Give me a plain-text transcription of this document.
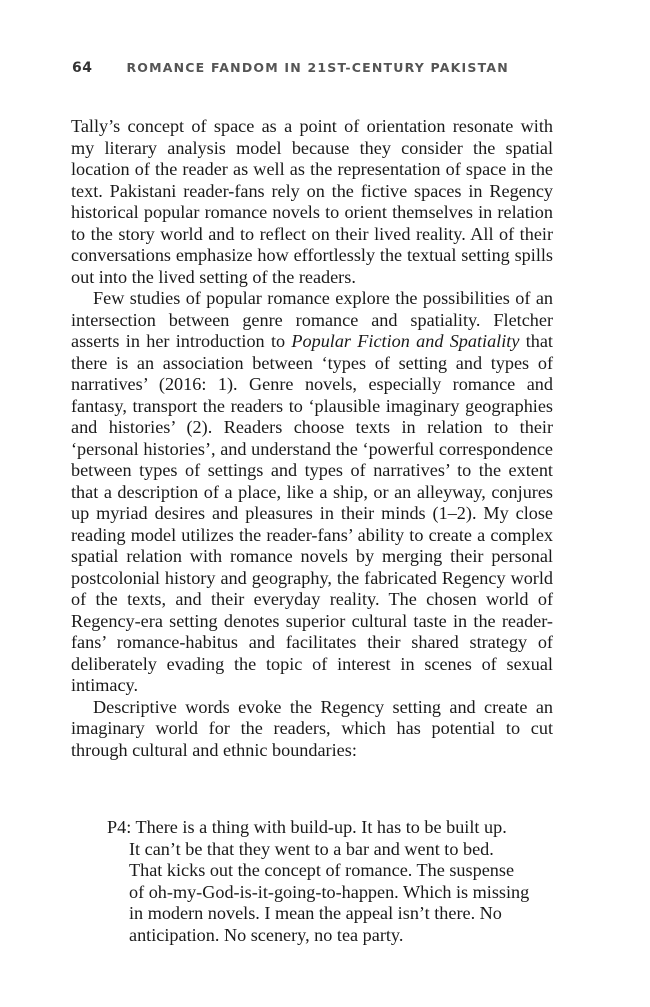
64	ROMANCE FANDOM IN 21ST-CENTURY PAKISTAN

Tally’s concept of space as a point of orientation resonate with my literary analysis model because they consider the spatial location of the reader as well as the representation of space in the text. Pakistani reader-fans rely on the fictive spaces in Regency historical popular romance novels to orient themselves in relation to the story world and to reflect on their lived reality. All of their conversations emphasize how effortlessly the textual setting spills out into the lived setting of the readers.

Few studies of popular romance explore the possibilities of an intersection between genre romance and spatiality. Fletcher asserts in her introduction to Popular Fiction and Spatiality that there is an association between ‘types of setting and types of narratives’ (2016: 1). Genre novels, especially romance and fantasy, transport the readers to ‘plausible imaginary geographies and histories’ (2). Readers choose texts in relation to their ‘personal histories’, and understand the ‘powerful correspondence between types of settings and types of narratives’ to the extent that a description of a place, like a ship, or an alleyway, conjures up myriad desires and pleasures in their minds (1–2). My close reading model utilizes the reader-fans’ ability to create a complex spatial relation with romance novels by merging their personal postcolonial history and geography, the fabricated Regency world of the texts, and their everyday reality. The chosen world of Regency-era setting denotes superior cultural taste in the reader-fans’ romance-habitus and facilitates their shared strategy of deliberately evading the topic of interest in scenes of sexual intimacy.

Descriptive words evoke the Regency setting and create an imaginary world for the readers, which has potential to cut through cultural and ethnic boundaries:

P4: There is a thing with build-up. It has to be built up.
It can’t be that they went to a bar and went to bed.
That kicks out the concept of romance. The suspense
of oh-my-God-is-it-going-to-happen. Which is missing
in modern novels. I mean the appeal isn’t there. No
anticipation. No scenery, no tea party.
